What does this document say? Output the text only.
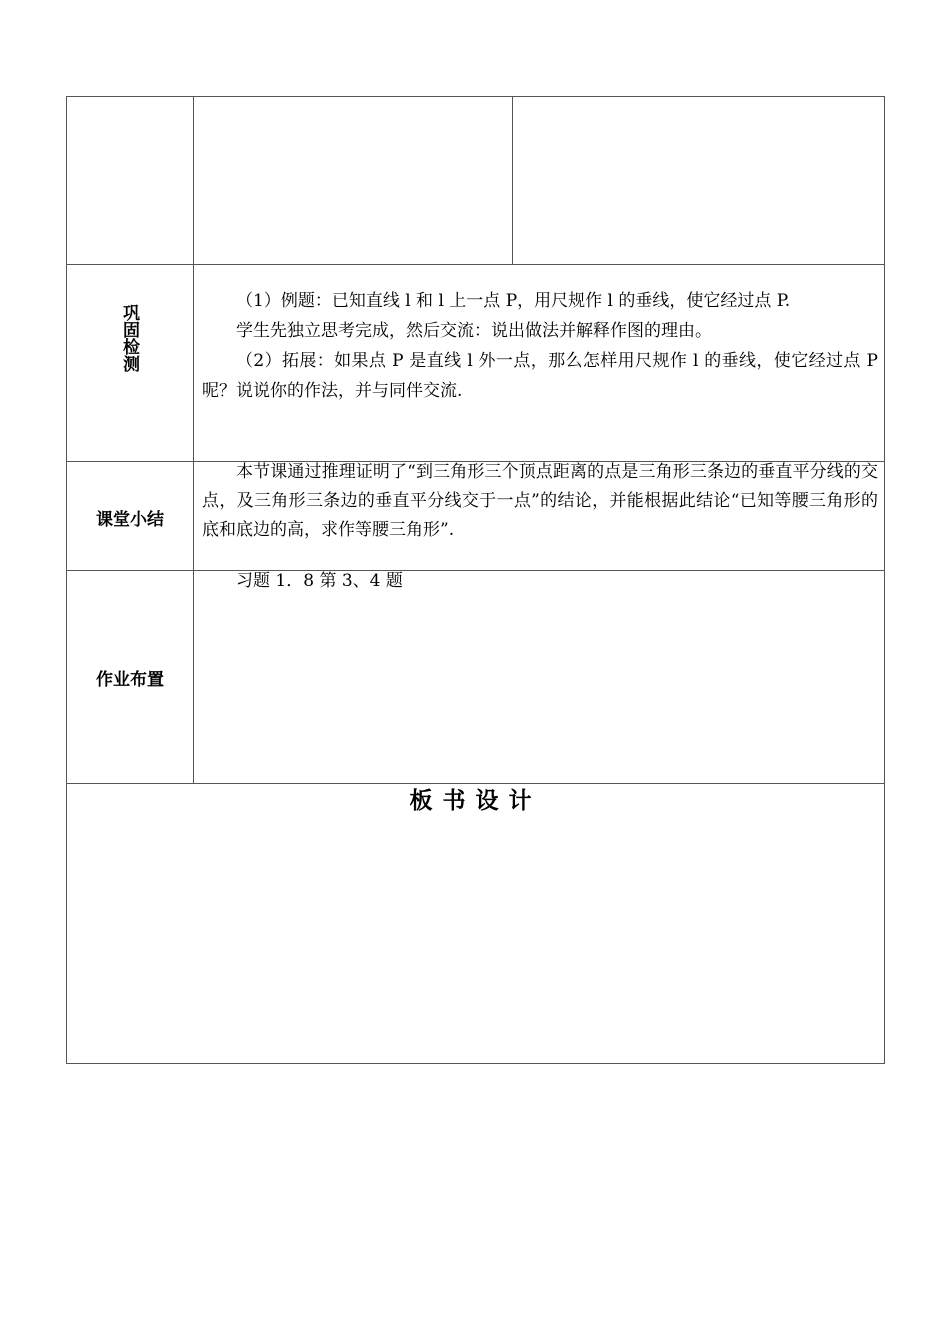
巩固检测

（1）例题：已知直线 l 和 l 上一点 P，用尺规作 l 的垂线，使它经过点 P.

学生先独立思考完成，然后交流：说出做法并解释作图的理由。

（2）拓展：如果点 P 是直线 l 外一点，那么怎样用尺规作 l 的垂线，使它经过点 P 呢？说说你的作法，并与同伴交流.

课堂小结

本节课通过推理证明了“到三角形三个顶点距离的点是三角形三条边的垂直平分线的交点，及三角形三条边的垂直平分线交于一点”的结论，并能根据此结论“已知等腰三角形的底和底边的高，求作等腰三角形”.

作业布置

习题 1．8 第 3、4 题

板书设计
